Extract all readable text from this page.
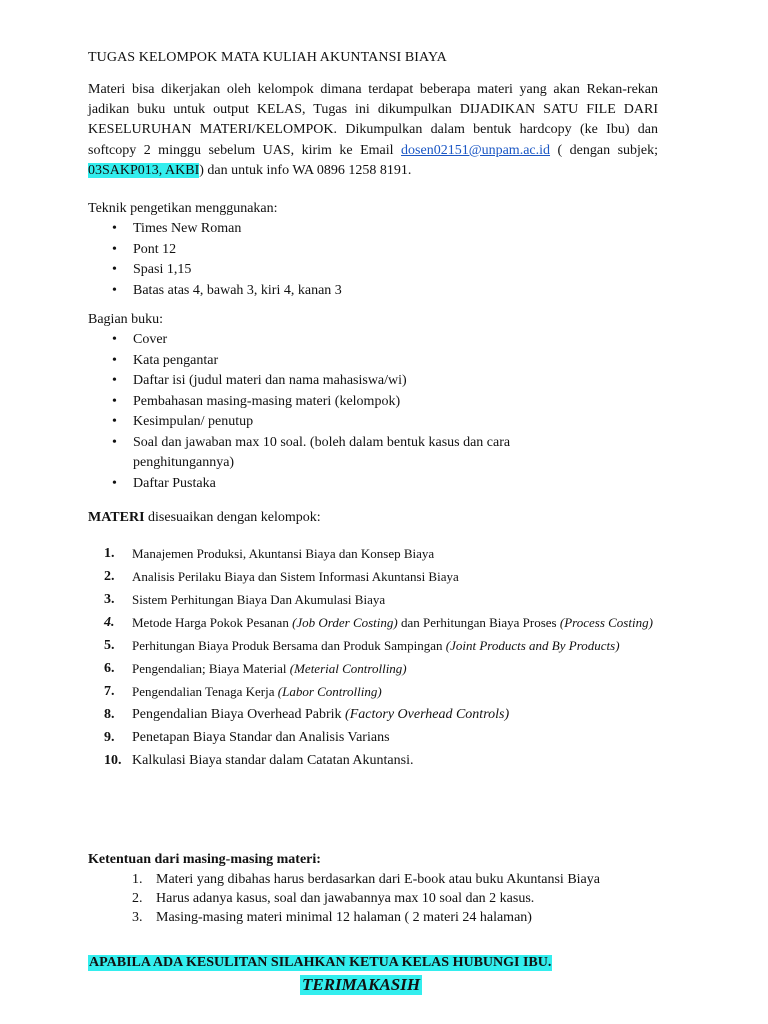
TUGAS KELOMPOK MATA KULIAH AKUNTANSI BIAYA
Materi bisa dikerjakan oleh kelompok dimana terdapat beberapa materi yang akan Rekan-rekan jadikan buku untuk output KELAS, Tugas ini dikumpulkan DIJADIKAN SATU FILE DARI KESELURUHAN MATERI/KELOMPOK. Dikumpulkan dalam bentuk hardcopy (ke Ibu) dan softcopy 2 minggu sebelum UAS, kirim ke Email dosen02151@unpam.ac.id ( dengan subjek; 03SAKP013, AKBI) dan untuk info WA 0896 1258 8191.
Teknik pengetikan menggunakan:
• Times New Roman
• Pont 12
• Spasi 1,15
• Batas atas 4, bawah 3, kiri 4, kanan 3
Bagian buku:
• Cover
• Kata pengantar
• Daftar isi (judul materi dan nama mahasiswa/wi)
• Pembahasan masing-masing materi (kelompok)
• Kesimpulan/ penutup
• Soal dan jawaban max 10 soal. (boleh dalam bentuk kasus dan cara penghitungannya)
• Daftar Pustaka
MATERI disesuaikan dengan kelompok:
1. Manajemen Produksi, Akuntansi Biaya dan Konsep Biaya
2. Analisis Perilaku Biaya dan Sistem Informasi Akuntansi Biaya
3. Sistem Perhitungan Biaya Dan Akumulasi Biaya
4. Metode Harga Pokok Pesanan (Job Order Costing) dan Perhitungan Biaya Proses (Process Costing)
5. Perhitungan Biaya Produk Bersama dan Produk Sampingan (Joint Products and By Products)
6. Pengendalian; Biaya Material (Meterial Controlling)
7. Pengendalian Tenaga Kerja (Labor Controlling)
8. Pengendalian Biaya Overhead Pabrik (Factory Overhead Controls)
9. Penetapan Biaya Standar dan Analisis Varians
10. Kalkulasi Biaya standar dalam Catatan Akuntansi.
Ketentuan dari masing-masing materi:
1. Materi yang dibahas harus berdasarkan dari E-book atau buku Akuntansi Biaya
2. Harus adanya kasus, soal dan jawabannya max 10 soal dan 2 kasus.
3. Masing-masing materi minimal 12 halaman ( 2 materi 24 halaman)
APABILA ADA KESULITAN SILAHKAN KETUA KELAS HUBUNGI IBU.
TERIMAKASIH
